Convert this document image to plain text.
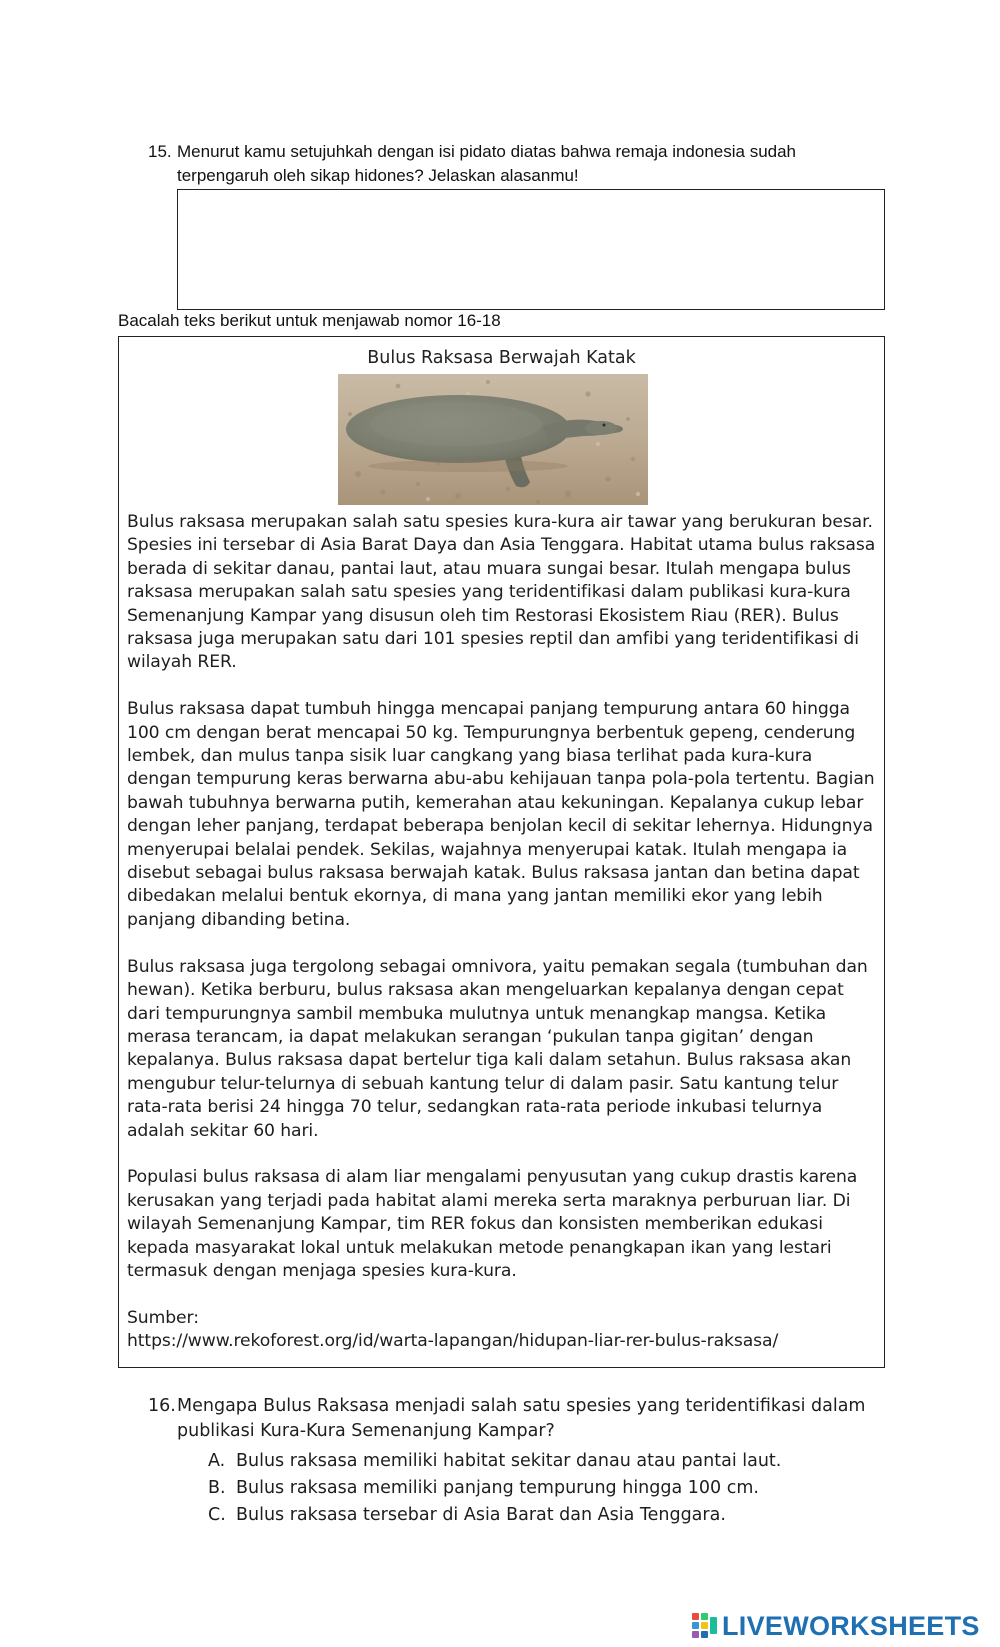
15. Menurut kamu setujuhkah dengan isi pidato diatas bahwa remaja indonesia sudah terpengaruh oleh sikap hidones? Jelaskan alasanmu!
Bacalah teks berikut untuk menjawab nomor 16-18
Bulus Raksasa Berwajah Katak

Bulus raksasa merupakan salah satu spesies kura-kura air tawar yang berukuran besar. Spesies ini tersebar di Asia Barat Daya dan Asia Tenggara. Habitat utama bulus raksasa berada di sekitar danau, pantai laut, atau muara sungai besar. Itulah mengapa bulus raksasa merupakan salah satu spesies yang teridentifikasi dalam publikasi kura-kura Semenanjung Kampar yang disusun oleh tim Restorasi Ekosistem Riau (RER). Bulus raksasa juga merupakan satu dari 101 spesies reptil dan amfibi yang teridentifikasi di wilayah RER.

Bulus raksasa dapat tumbuh hingga mencapai panjang tempurung antara 60 hingga 100 cm dengan berat mencapai 50 kg. Tempurungnya berbentuk gepeng, cenderung lembek, dan mulus tanpa sisik luar cangkang yang biasa terlihat pada kura-kura dengan tempurung keras berwarna abu-abu kehijauan tanpa pola-pola tertentu. Bagian bawah tubuhnya berwarna putih, kemerahan atau kekuningan. Kepalanya cukup lebar dengan leher panjang, terdapat beberapa benjolan kecil di sekitar lehernya. Hidungnya menyerupai belalai pendek. Sekilas, wajahnya menyerupai katak. Itulah mengapa ia disebut sebagai bulus raksasa berwajah katak. Bulus raksasa jantan dan betina dapat dibedakan melalui bentuk ekornya, di mana yang jantan memiliki ekor yang lebih panjang dibanding betina.

Bulus raksasa juga tergolong sebagai omnivora, yaitu pemakan segala (tumbuhan dan hewan). Ketika berburu, bulus raksasa akan mengeluarkan kepalanya dengan cepat dari tempurungnya sambil membuka mulutnya untuk menangkap mangsa. Ketika merasa terancam, ia dapat melakukan serangan ‘pukulan tanpa gigitan’ dengan kepalanya. Bulus raksasa dapat bertelur tiga kali dalam setahun. Bulus raksasa akan mengubur telur-telurnya di sebuah kantung telur di dalam pasir. Satu kantung telur rata-rata berisi 24 hingga 70 telur, sedangkan rata-rata periode inkubasi telurnya adalah sekitar 60 hari.

Populasi bulus raksasa di alam liar mengalami penyusutan yang cukup drastis karena kerusakan yang terjadi pada habitat alami mereka serta maraknya perburuan liar. Di wilayah Semenanjung Kampar, tim RER fokus dan konsisten memberikan edukasi kepada masyarakat lokal untuk melakukan metode penangkapan ikan yang lestari termasuk dengan menjaga spesies kura-kura.

Sumber:
https://www.rekoforest.org/id/warta-lapangan/hidupan-liar-rer-bulus-raksasa/

16. Mengapa Bulus Raksasa menjadi salah satu spesies yang teridentifikasi dalam publikasi Kura-Kura Semenanjung Kampar?
A. Bulus raksasa memiliki habitat sekitar danau atau pantai laut.
B. Bulus raksasa memiliki panjang tempurung hingga 100 cm.
C. Bulus raksasa tersebar di Asia Barat dan Asia Tenggara.
LIVEWORKSHEETS
